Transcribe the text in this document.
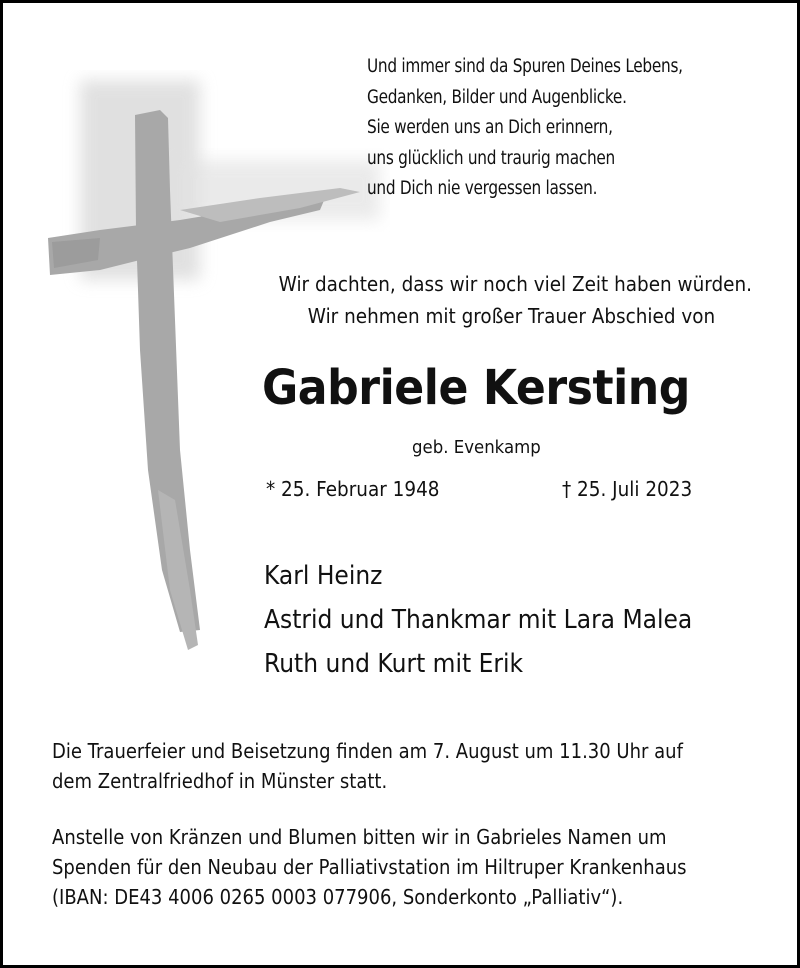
Und immer sind da Spuren Deines Lebens,
Gedanken, Bilder und Augenblicke.
Sie werden uns an Dich erinnern,
uns glücklich und traurig machen
und Dich nie vergessen lassen.
Wir dachten, dass wir noch viel Zeit haben würden.
Wir nehmen mit großer Trauer Abschied von
Gabriele Kersting
geb. Evenkamp
* 25. Februar 1948	† 25. Juli 2023
Karl Heinz
Astrid und Thankmar mit Lara Malea
Ruth und Kurt mit Erik
Die Trauerfeier und Beisetzung finden am 7. August um 11.30 Uhr auf
dem Zentralfriedhof in Münster statt.
Anstelle von Kränzen und Blumen bitten wir in Gabrieles Namen um
Spenden für den Neubau der Palliativstation im Hiltruper Krankenhaus
(IBAN: DE43 4006 0265 0003 077906, Sonderkonto „Palliativ“).
